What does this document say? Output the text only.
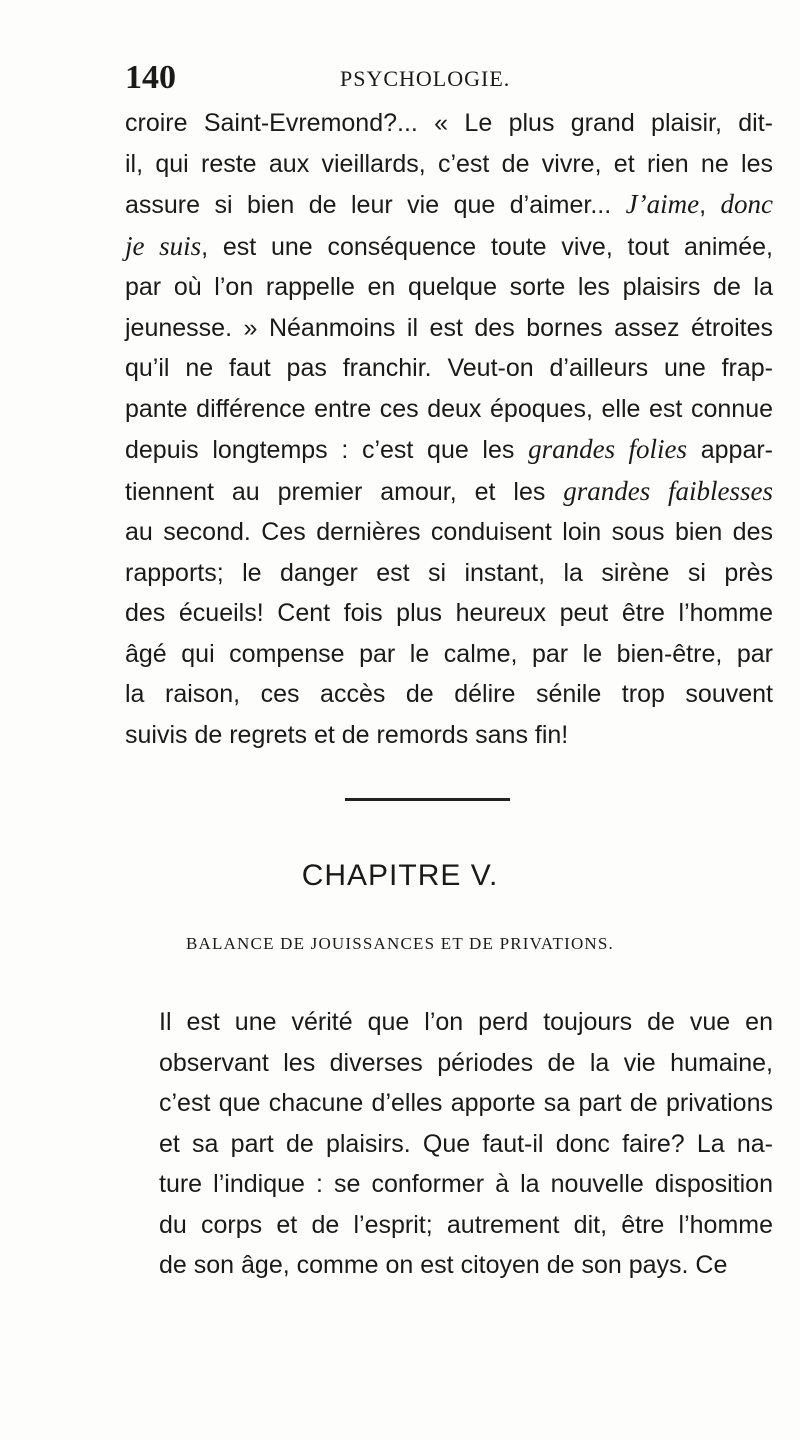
140	PSYCHOLOGIE.
croire Saint-Evremond?... « Le plus grand plaisir, dit-
il, qui reste aux vieillards, c’est de vivre, et rien ne les
assure si bien de leur vie que d’aimer... J’aime, donc
je suis, est une conséquence toute vive, tout animée,
par où l’on rappelle en quelque sorte les plaisirs de la
jeunesse. » Néanmoins il est des bornes assez étroites
qu’il ne faut pas franchir. Veut-on d’ailleurs une frap-
pante différence entre ces deux époques, elle est connue
depuis longtemps : c’est que les grandes folies appar-
tiennent au premier amour, et les grandes faiblesses
au second. Ces dernières conduisent loin sous bien des
rapports; le danger est si instant, la sirène si près
des écueils! Cent fois plus heureux peut être l’homme
âgé qui compense par le calme, par le bien-être, par
la raison, ces accès de délire sénile trop souvent
suivis de regrets et de remords sans fin!
CHAPITRE V.
BALANCE DE JOUISSANCES ET DE PRIVATIONS.
Il est une vérité que l’on perd toujours de vue en
observant les diverses périodes de la vie humaine,
c’est que chacune d’elles apporte sa part de privations
et sa part de plaisirs. Que faut-il donc faire? La na-
ture l’indique : se conformer à la nouvelle disposition
du corps et de l’esprit; autrement dit, être l’homme
de son âge, comme on est citoyen de son pays. Ce
